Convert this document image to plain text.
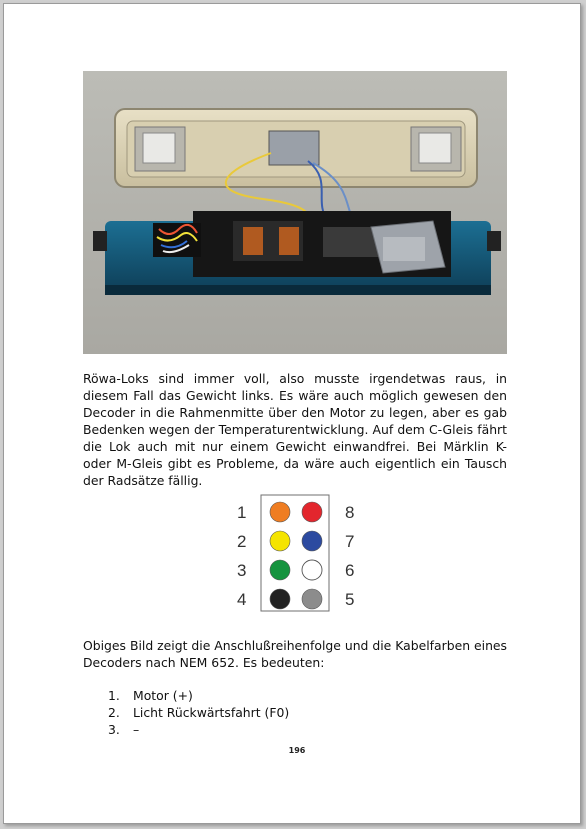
Röwa-Loks sind immer voll, also musste irgendetwas raus, in diesem Fall das Gewicht links. Es wäre auch möglich gewesen den Decoder in die Rahmenmitte über den Motor zu legen, aber es gab Bedenken wegen der Temperaturentwicklung. Auf dem C-Gleis fährt die Lok auch mit nur einem Gewicht einwandfrei. Bei Märklin K- oder M-Gleis gibt es Probleme, da wäre auch eigentlich ein Tausch der Radsätze fällig.

1
2
3
4
8
7
6
5

Obiges Bild zeigt die Anschlußreihenfolge und die Kabelfarben eines Decoders nach NEM 652. Es bedeuten:

1.	Motor (+)
2.	Licht Rückwärtsfahrt (F0)
3.	–
196
